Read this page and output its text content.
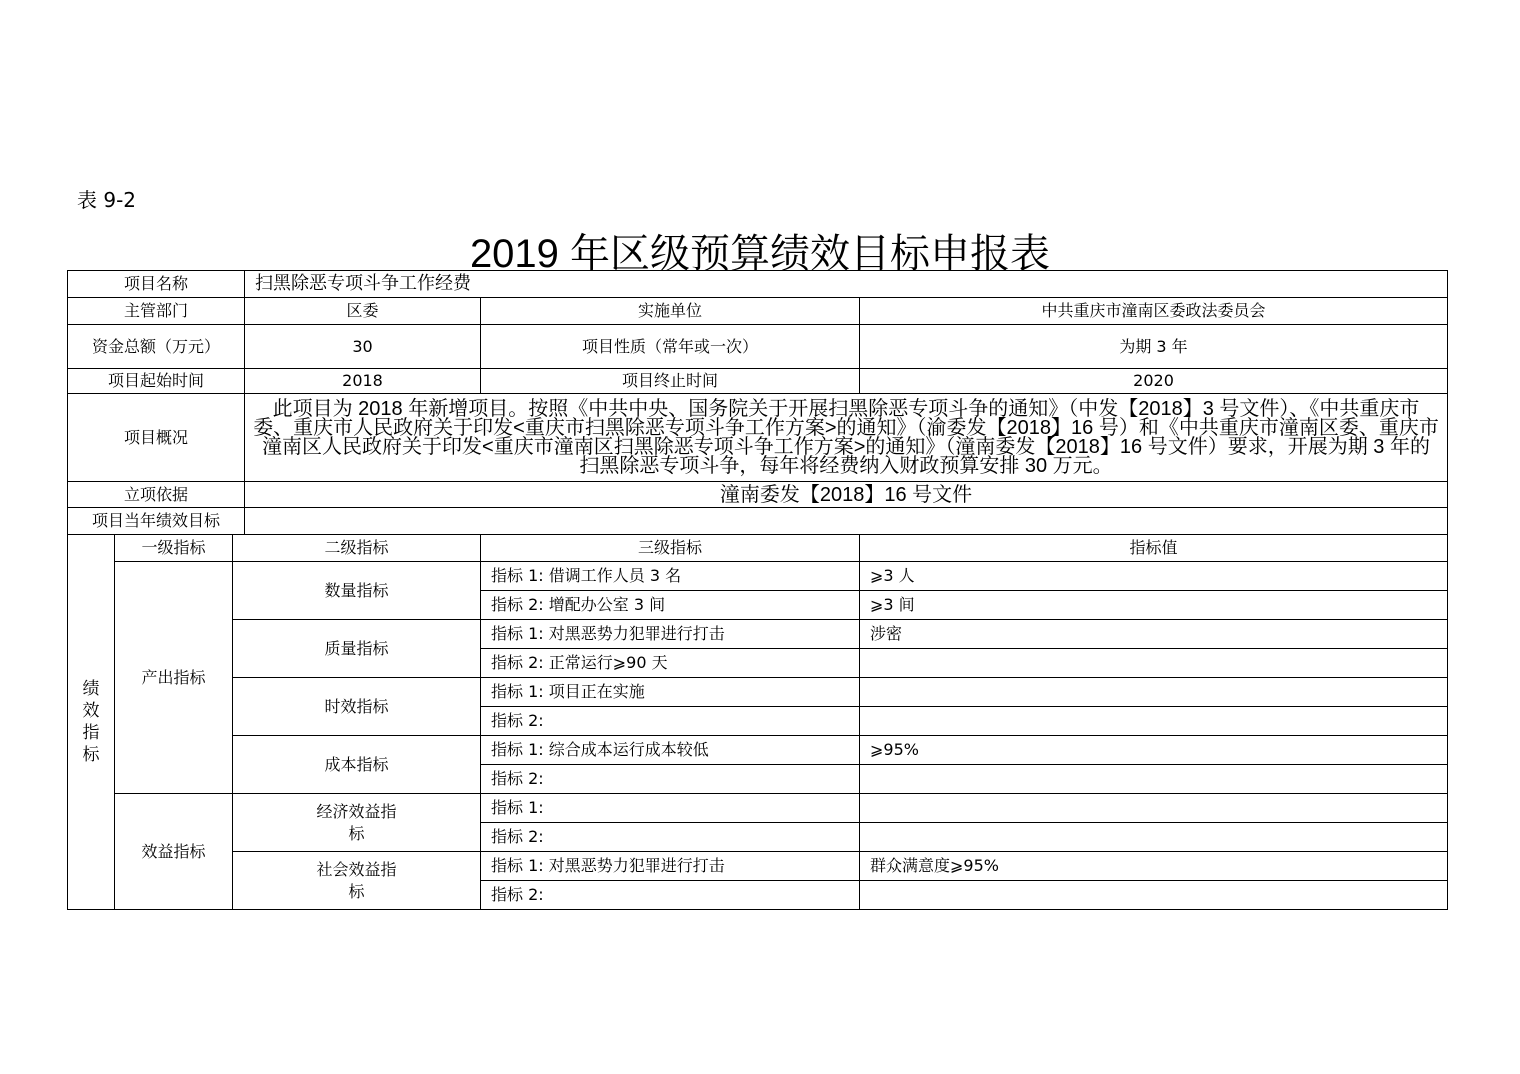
表 9-2
2019 年区级预算绩效目标申报表
项目名称			扫黑除恶专项斗争工作经费		
主管部门			区委	实施单位	中共重庆市潼南区委政法委员会
资金总额（万元）			30	项目性质（常年或一次）	为期 3 年
项目起始时间			2018	项目终止时间	2020
项目概况			此项目为 2018 年新增项目。按照《中共中央、国务院关于开展扫黑除恶专项斗争的通知》（中发【2018】3 号文件）、《中共重庆市委、重庆市人民政府关于印发<重庆市扫黑除恶专项斗争工作方案>的通知》（渝委发【2018】16 号）和《中共重庆市潼南区委、重庆市潼南区人民政府关于印发<重庆市潼南区扫黑除恶专项斗争工作方案>的通知》（潼南委发【2018】16 号文件）要求，开展为期 3 年的扫黑除恶专项斗争，每年将经费纳入财政预算安排 30 万元。		
立项依据			潼南委发【2018】16 号文件		
项目当年绩效目标					

绩效指标	一级指标	二级指标		三级指标	指标值
	产出指标	数量指标		指标 1: 借调工作人员 3 名	⩾3 人
				指标 2: 增配办公室 3 间	⩾3 间
		质量指标		指标 1: 对黑恶势力犯罪进行打击	涉密
				指标 2: 正常运行⩾90 天	
		时效指标		指标 1: 项目正在实施	
				指标 2:	
		成本指标		指标 1: 综合成本运行成本较低	⩾95%
				指标 2:	
	效益指标	经济效益指标		指标 1:	
				指标 2:	

		社会效益指标		指标 1: 对黑恶势力犯罪进行打击	群众满意度⩾95%
				指标 2:	
